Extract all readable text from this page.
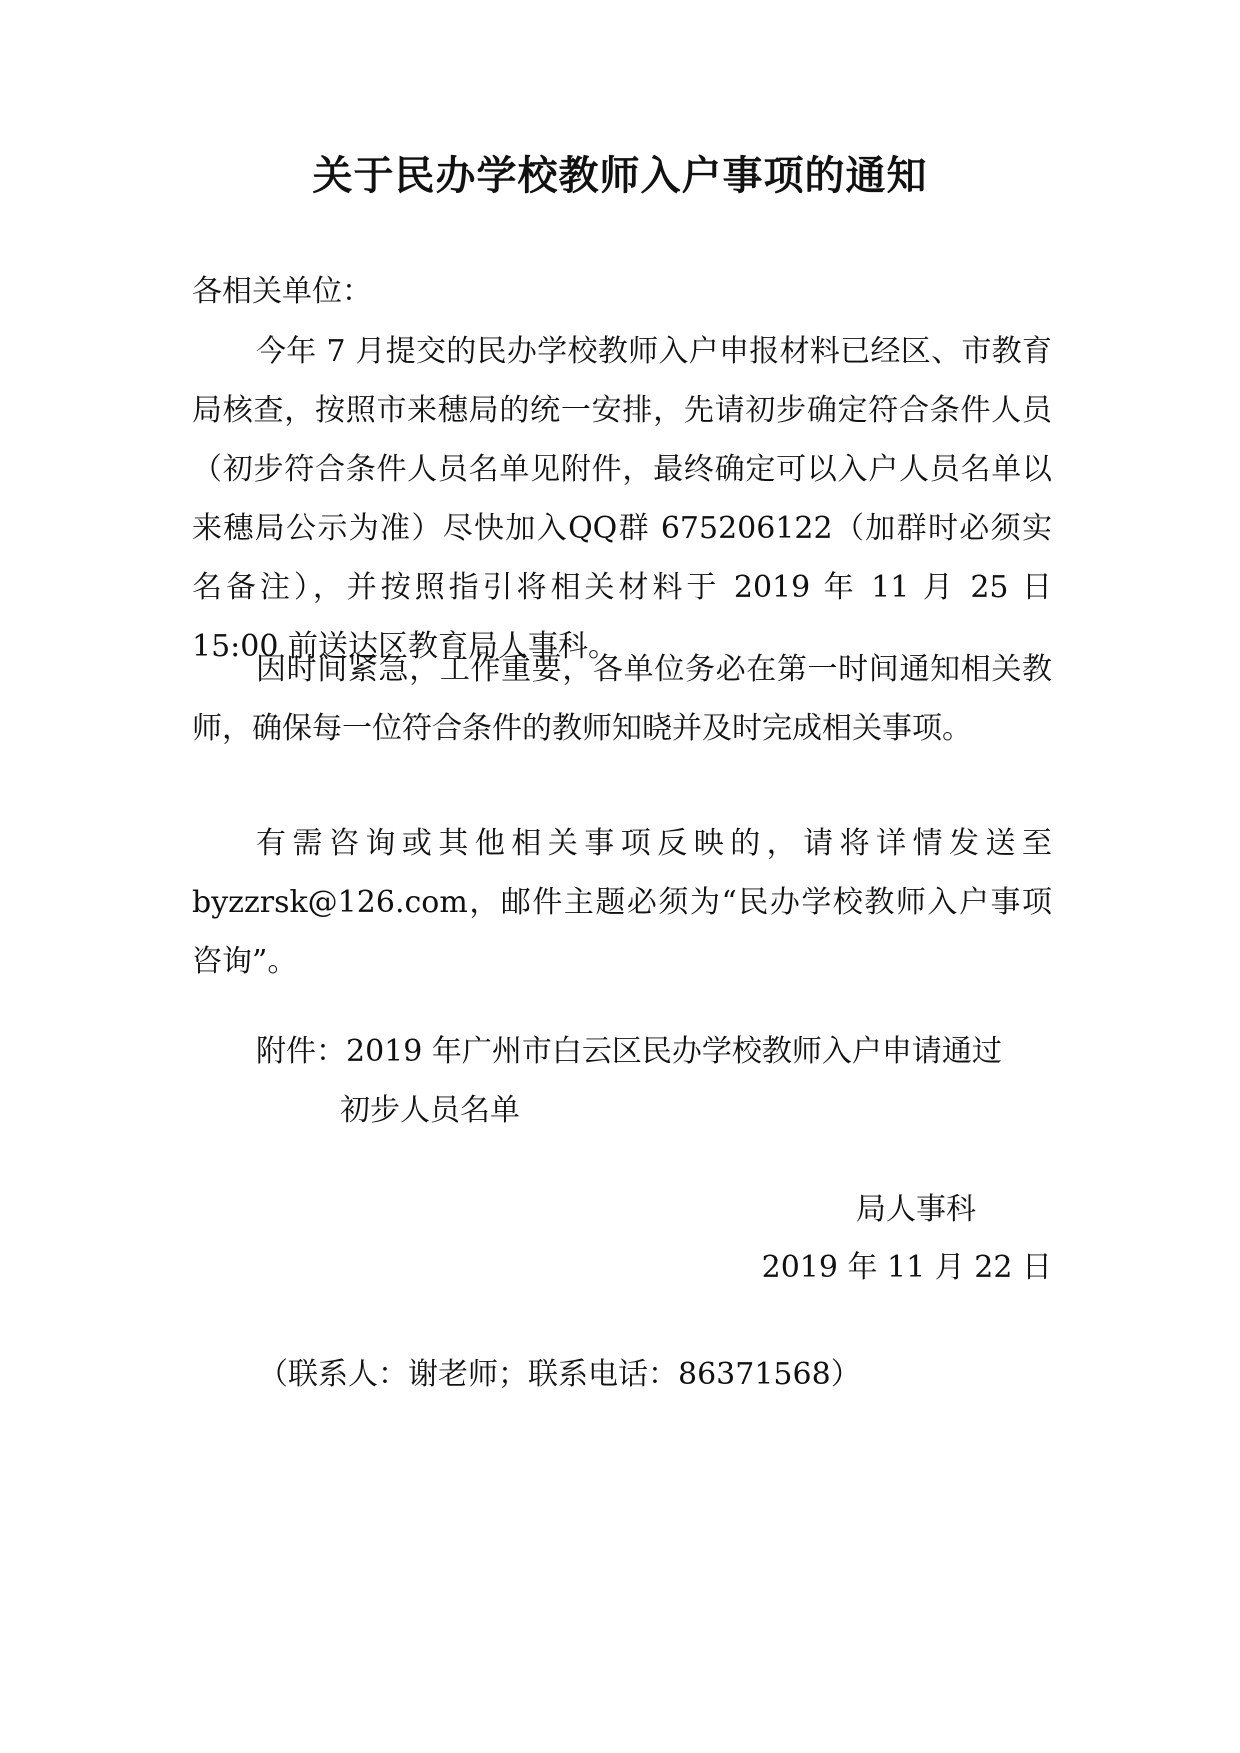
关于民办学校教师入户事项的通知
各相关单位：

今年 7 月提交的民办学校教师入户申报材料已经区、市教育局核查，按照市来穗局的统一安排，先请初步确定符合条件人员（初步符合条件人员名单见附件，最终确定可以入户人员名单以来穗局公示为准）尽快加入QQ群 675206122（加群时必须实名备注），并按照指引将相关材料于 2019 年 11 月 25 日 15:00 前送达区教育局人事科。

因时间紧急，工作重要，各单位务必在第一时间通知相关教师，确保每一位符合条件的教师知晓并及时完成相关事项。

有需咨询或其他相关事项反映的，请将详情发送至byzzrsk@126.com，邮件主题必须为“民办学校教师入户事项咨询”。

附件：2019 年广州市白云区民办学校教师入户申请通过
初步人员名单
局人事科
2019 年 11 月 22 日
（联系人：谢老师；联系电话：86371568）
